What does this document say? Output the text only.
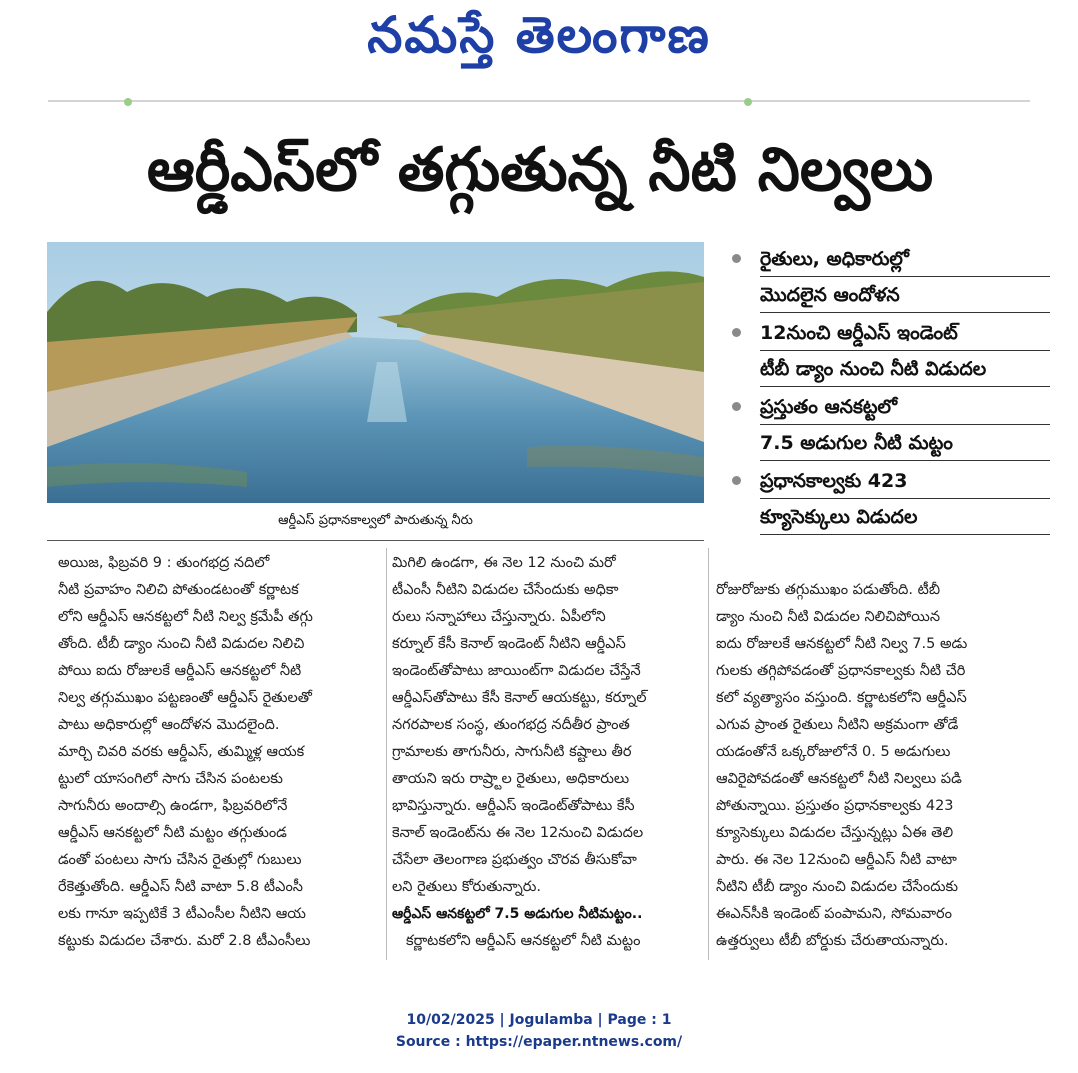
నమస్తే తెలంగాణ
ఆర్డీఎస్‌లో తగ్గుతున్న నీటి నిల్వలు
ఆర్డీఎస్ ప్రధానకాల్వలో పారుతున్న నీరు
రైతులు, అధికారుల్లో
మొదలైన ఆందోళన
12నుంచి ఆర్డీఎస్ ఇండెంట్
టీబీ డ్యాం నుంచి నీటి విడుదల
ప్రస్తుతం ఆనకట్టలో
7.5 అడుగుల నీటి మట్టం
ప్రధానకాల్వకు 423
క్యూసెక్కులు విడుదల
అయిజ, ఫిబ్రవరి 9 : తుంగభద్ర నదిలో
నీటి ప్రవాహం నిలిచి పోతుండటంతో కర్ణాటక
లోని ఆర్డీఎస్ ఆనకట్టలో నీటి నిల్వ క్రమేపీ తగ్గు
తోంది. టీబీ డ్యాం నుంచి నీటి విడుదల నిలిచి
పోయి ఐదు రోజులకే ఆర్డీఎస్ ఆనకట్టలో నీటి
నిల్వ తగ్గుముఖం పట్టణంతో ఆర్డీఎస్ రైతులతో
పాటు అధికారుల్లో ఆందోళన మొదలైంది.
మార్చి చివరి వరకు ఆర్డీఎస్, తుమ్మిళ్ల ఆయక
ట్టులో యాసంగిలో సాగు చేసిన పంటలకు
సాగునీరు అందాల్సి ఉండగా, ఫిబ్రవరిలోనే
ఆర్డీఎస్ ఆనకట్టలో నీటి మట్టం తగ్గుతుండ
డంతో పంటలు సాగు చేసిన రైతుల్లో గుబులు
రేకెత్తుతోంది. ఆర్డీఎస్ నీటి వాటా 5.8 టీఎంసీ
లకు గానూ ఇప్పటికే 3 టీఎంసీల నీటిని ఆయ
కట్టుకు విడుదల చేశారు. మరో 2.8 టీఎంసీలు
మిగిలి ఉండగా, ఈ నెల 12 నుంచి మరో
టీఎంసీ నీటిని విడుదల చేసేందుకు అధికా
రులు సన్నాహాలు చేస్తున్నారు. ఏపీలోని
కర్నూల్ కేసీ కెనాల్ ఇండెంట్ నీటిని ఆర్డీఎస్
ఇండెంట్‌తోపాటు జాయింట్‌గా విడుదల చేస్తేనే
ఆర్డీఎస్‌తోపాటు కేసీ కెనాల్ ఆయకట్టు, కర్నూల్
నగరపాలక సంస్థ, తుంగభద్ర నదీతీర ప్రాంత
గ్రామాలకు తాగునీరు, సాగునీటి కష్టాలు తీర
తాయని ఇరు రాష్ర్టాల రైతులు, అధికారులు
భావిస్తున్నారు. ఆర్డీఎస్ ఇండెంట్‌తోపాటు కేసీ
కెనాల్ ఇండెంట్‌ను ఈ నెల 12నుంచి విడుదల
చేసేలా తెలంగాణ ప్రభుత్వం చొరవ తీసుకోవా
లని రైతులు కోరుతున్నారు.
ఆర్డీఎస్ ఆనకట్టలో 7.5 అడుగుల నీటిమట్టం..
కర్ణాటకలోని ఆర్డీఎస్ ఆనకట్టలో నీటి మట్టం
రోజురోజుకు తగ్గుముఖం పడుతోంది. టీబీ
డ్యాం నుంచి నీటి విడుదల నిలిచిపోయిన
ఐదు రోజులకే ఆనకట్టలో నీటి నిల్వ 7.5 అడు
గులకు తగ్గిపోవడంతో ప్రధానకాల్వకు నీటి చేరి
కలో వ్యత్యాసం వస్తుంది. కర్ణాటకలోని ఆర్డీఎస్
ఎగువ ప్రాంత రైతులు నీటిని అక్రమంగా తోడే
యడంతోనే ఒక్కరోజులోనే 0. 5 అడుగులు
ఆవిరైపోవడంతో ఆనకట్టలో నీటి నిల్వలు పడి
పోతున్నాయి. ప్రస్తుతం ప్రధానకాల్వకు 423
క్యూసెక్కులు విడుదల చేస్తున్నట్లు ఏఈ తెలి
పారు. ఈ నెల 12నుంచి ఆర్డీఎస్ నీటి వాటా
నీటిని టీబీ డ్యాం నుంచి విడుదల చేసేందుకు
ఈఎన్‌సీకి ఇండెంట్ పంపామని, సోమవారం
ఉత్తర్వులు టీబీ బోర్డుకు చేరుతాయన్నారు.
10/02/2025 | Jogulamba | Page : 1
Source : https://epaper.ntnews.com/
